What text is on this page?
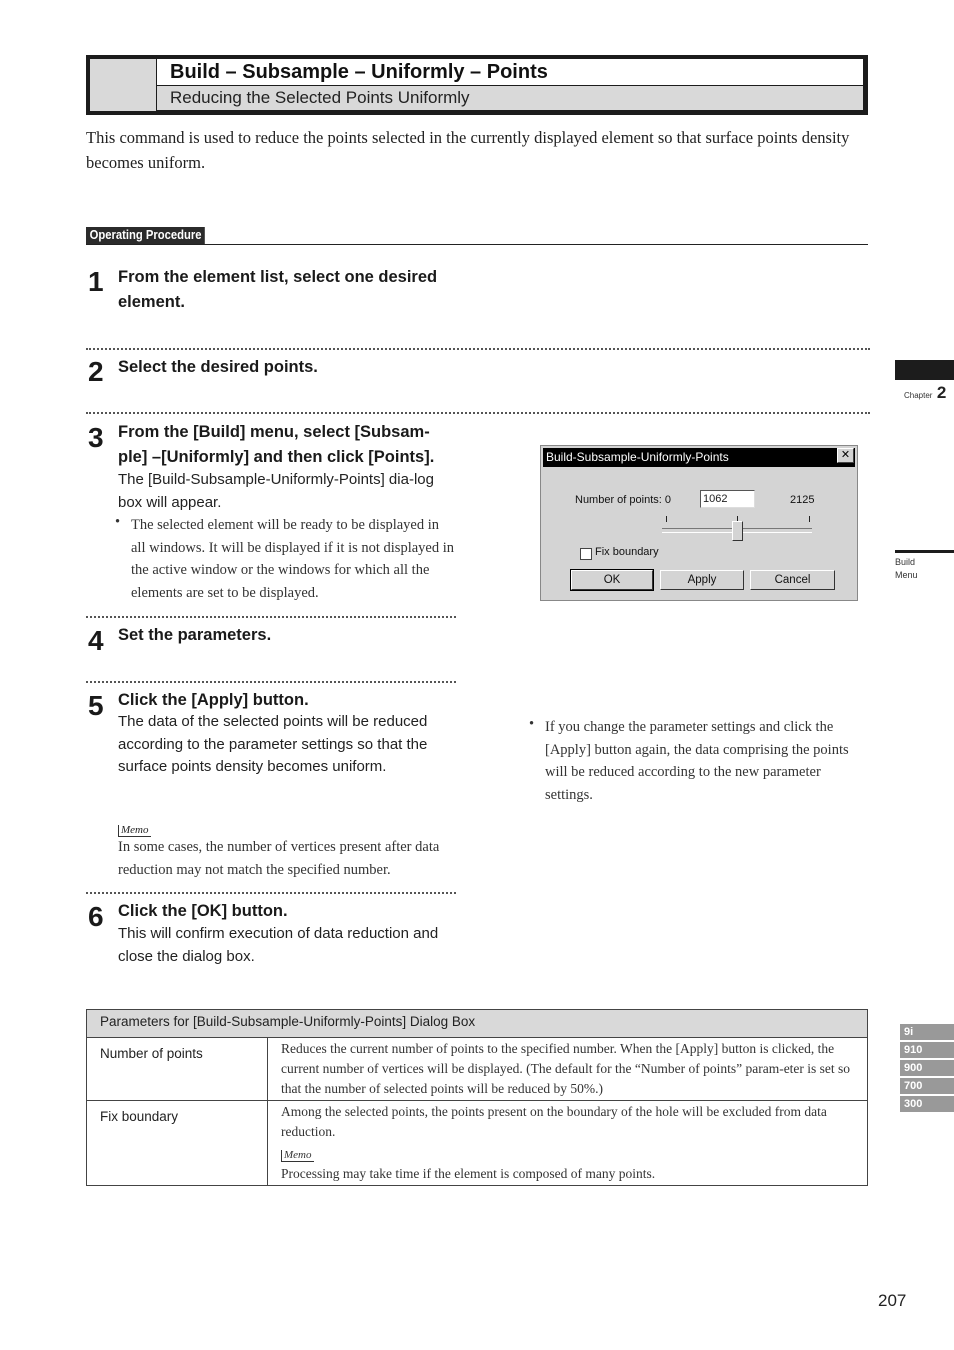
Build – Subsample – Uniformly – Points
Reducing the Selected Points Uniformly
This command is used to reduce the points selected in the currently displayed element so that surface points density becomes uniform.
Operating Procedure
1 From the element list, select one desired element.
2 Select the desired points.
3 From the [Build] menu, select [Subsam-ple] –[Uniformly] and then click [Points].
The [Build-Subsample-Uniformly-Points] dia-log box will appear.
• The selected element will be ready to be displayed in all windows. It will be displayed if it is not displayed in the active window or the windows for which all the elements are set to be displayed.
Build-Subsample-Uniformly-Points	✕
Number of points: 0	1062	2125
Fix boundary
OK	Apply	Cancel
4 Set the parameters.
5 Click the [Apply] button.
The data of the selected points will be reduced according to the parameter settings so that the surface points density becomes uniform.
• If you change the parameter settings and click the [Apply] button again, the data comprising the points will be reduced according to the new parameter settings.
Memo
In some cases, the number of vertices present after data reduction may not match the specified number.
6 Click the [OK] button.
This will confirm execution of data reduction and close the dialog box.
Parameters for [Build-Subsample-Uniformly-Points] Dialog Box	
Number of points	Reduces the current number of points to the specified number. When the [Apply] button is clicked, the current number of vertices will be displayed. (The default for the “Number of points” param-eter is set so that the number of selected points will be reduced by 50%.)
Fix boundary	Among the selected points, the points present on the boundary of the hole will be excluded from data reduction.
Memo
Processing may take time if the element is composed of many points.
Chapter 2
Build
Menu
9i
910
900
700
300
207
